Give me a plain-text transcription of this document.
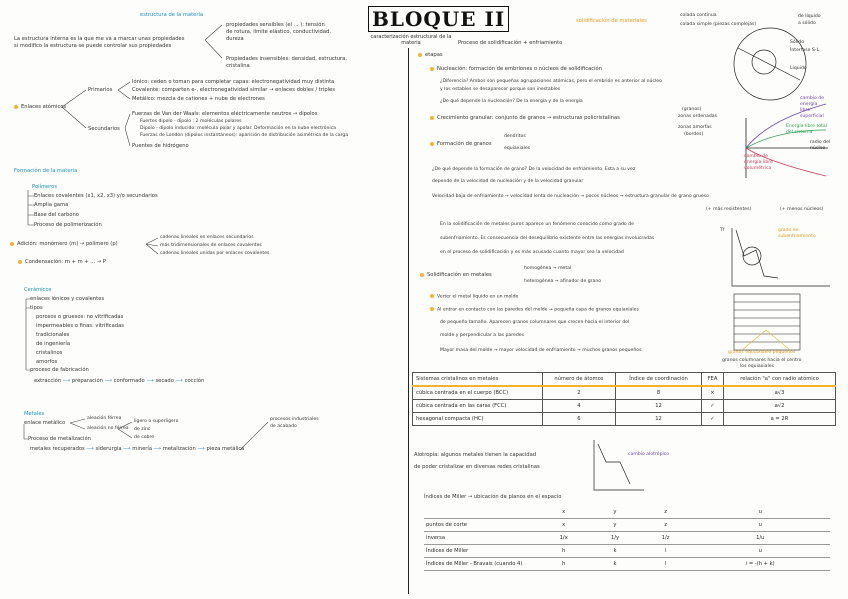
BLOQUE II
caracterización estructural de la materia
estructura de la materia
La estructura interna es la que me va a marcar unas propiedades
si modifico la estructura se puede controlar sus propiedades
propiedades sensibles (el ... ): tensión
de rotura, límite elástico, conductividad,
dureza
Propiedades insensibles: densidad, estructura,
cristalina
Enlaces atómicos
Primarios
Iónico: ceden o toman para completar capas: electronegatividad muy distinta
Covalente: comparten e-, electronegatividad similar → enlaces dobles / triples
Metálico: mezcla de cationes + nube de electrones
Secundarios
Fuerzas de Van der Waals: elementos eléctricamente neutros → dipolos
Fuertes dipolo - dipolo : 2 moléculas polares
Dipolo - dipolo inducido: molécula polar y apolar. Deformación en la nube electrónica
Fuerzas de London (dipolos instantáneos): aparición de distribución asimétrica de la carga
Puentes de hidrógeno
Formación de la materia
Polímeros
Enlaces covalentes (x1, x2, x3) y/o secundarios
Amplia gama
Base del carbono
Proceso de polimerización
Adición: monómero (m) → polímero (p)
cadenas lineales en enlaces secundarios
más tridimensionales de enlaces covalentes
cadenas lineales unidas por enlaces covalentes
Condensación: m + m + ... → P
Cerámicos
enlaces iónicos y covalentes
tipos
porosos o gruesos: no vitrificadas
impermeables o finas: vitrificadas
tradicionales
de ingeniería
cristalinos
amorfos
proceso de fabricación
extracción ⟶ preparación ⟶ conformado ⟶ secado ⟶ cocción
Metales
enlace metálico
Proceso de metalización
aleación férrea
aleación no férrea
ligero o superligero
de zinc
de cobre
procesos industriales
de acabado
metales recuperados ⟶ siderurgia ⟶ minería ⟶ metalización ⟶ pieza metálica
solidificación de materiales
colada continua
colada simple (piezas complejas)
de líquido
a sólido
Proceso de solidificación + enfriamiento
etapas
Nucleación: formación de embriones o núcleos de solidificación
¿Diferencia? Ambos son pequeñas agrupaciones atómicas, pero el embrión es anterior al núcleo
y los estables se desaparecer porque son inestables
¿De qué depende la nucleación? De la energía y de la energía
Crecimiento granular: conjunto de granos → estructuras policristalinas
(granos)
zonas ordenadas
zonas amorfas
(bordes)
Formación de granos
dendritos
equiaxiales
¿De qué depende la formación de grano? De la velocidad de enfriamiento. Esta a su vez
depende de la velocidad de nucleación y de la velocidad granular
Velocidad baja de enfriamiento → velocidad lenta de nucleación → pocos núcleos → estructura granular de grano grueso
(+ más resistentes)	(+ menos núcleos)
En la solidificación de metales puros aparece un fenómeno conocido como grado de
subenfriamiento. Es consecuencia del desequilibrio existente entre las energías involucradas
en el proceso de solidificación y es más acusado cuanto mayor sea la velocidad
Solidificación en metales
homogénea → metal
heterogénea → afinador de grano
Verter el metal líquido en un molde
Al entrar en contacto con las paredes del molde → pequeña capa de granos equiaxiales
de pequeño tamaño. Aparecen granos columnares que crecen hacia el interior del
molde y perpendicular a las paredes
Mayor masa del molde → mayor velocidad de enfriamiento → muchos granos pequeños
Sólido
Interfase S-L
Líquido
cambio de
energía
libre
superficial
Energía libre total
del sistema
radio del
núcleo
cambio de
energía libre
volumétrica
grado de
subenfriamiento
Tf
granos equiaxiales pequeños
granos columnares hacia el centro
los equiaxiales
Sistemas cristalinos en metales	número de átomos	Índice de coordinación	FEA	relación "a" con radio atómico
cúbica centrada en el cuerpo (BCC)	2	8	×	a√3
cúbica centrada en las caras (FCC)	4	12	✓	a√2
hexagonal compacta (HC)	6	12	✓	a = 2R
Alotropía: algunos metales tienen la capacidad
de poder cristalizar en diversas redes cristalinas
cambio alotrópico
Índices de Miller → ubicación de planos en el espacio
	x	y	z	u
puntos de corte	x	y	z	u
inversa	1/x	1/y	1/z	1/u
Índices de Miller	h	k	l	u
Índices de Miller - Bravais (cuando 4)	h	k	l	i = -(h + k)
